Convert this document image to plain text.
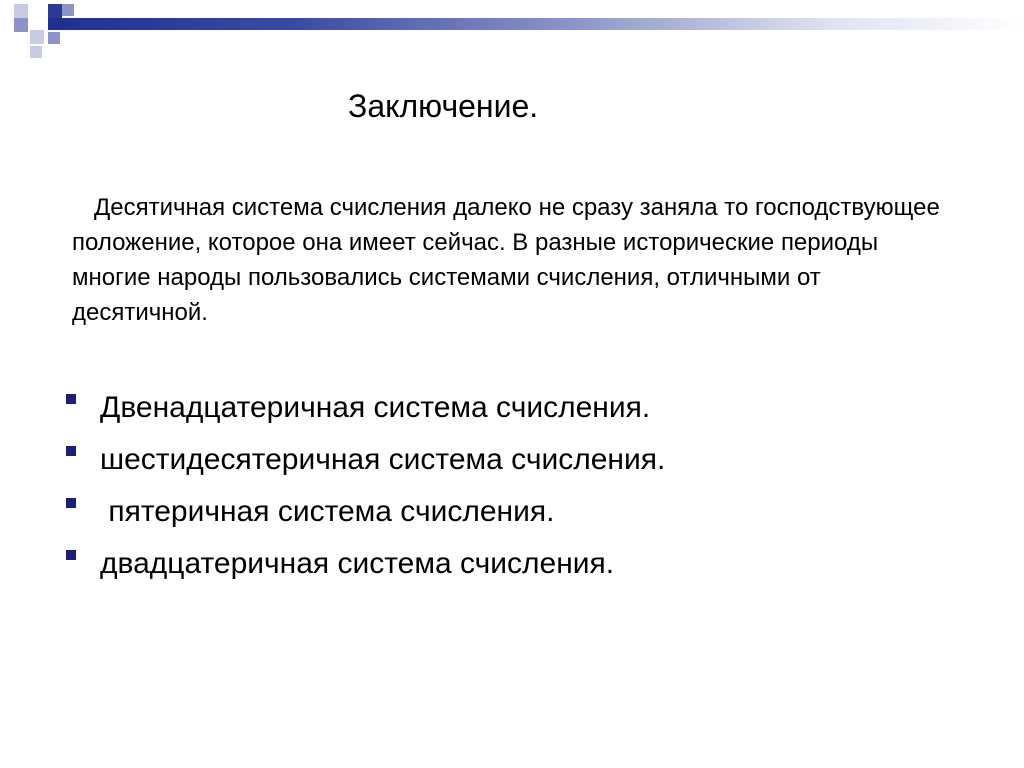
Заключение.
Десятичная система счисления далеко не сразу заняла то господствующее положение, которое она имеет сейчас. В разные исторические периоды многие народы пользовались системами счисления, отличными от десятичной.
Двенадцатеричная система счисления.
шестидесятеричная система счисления.
пятеричная система счисления.
двадцатеричная система счисления.
